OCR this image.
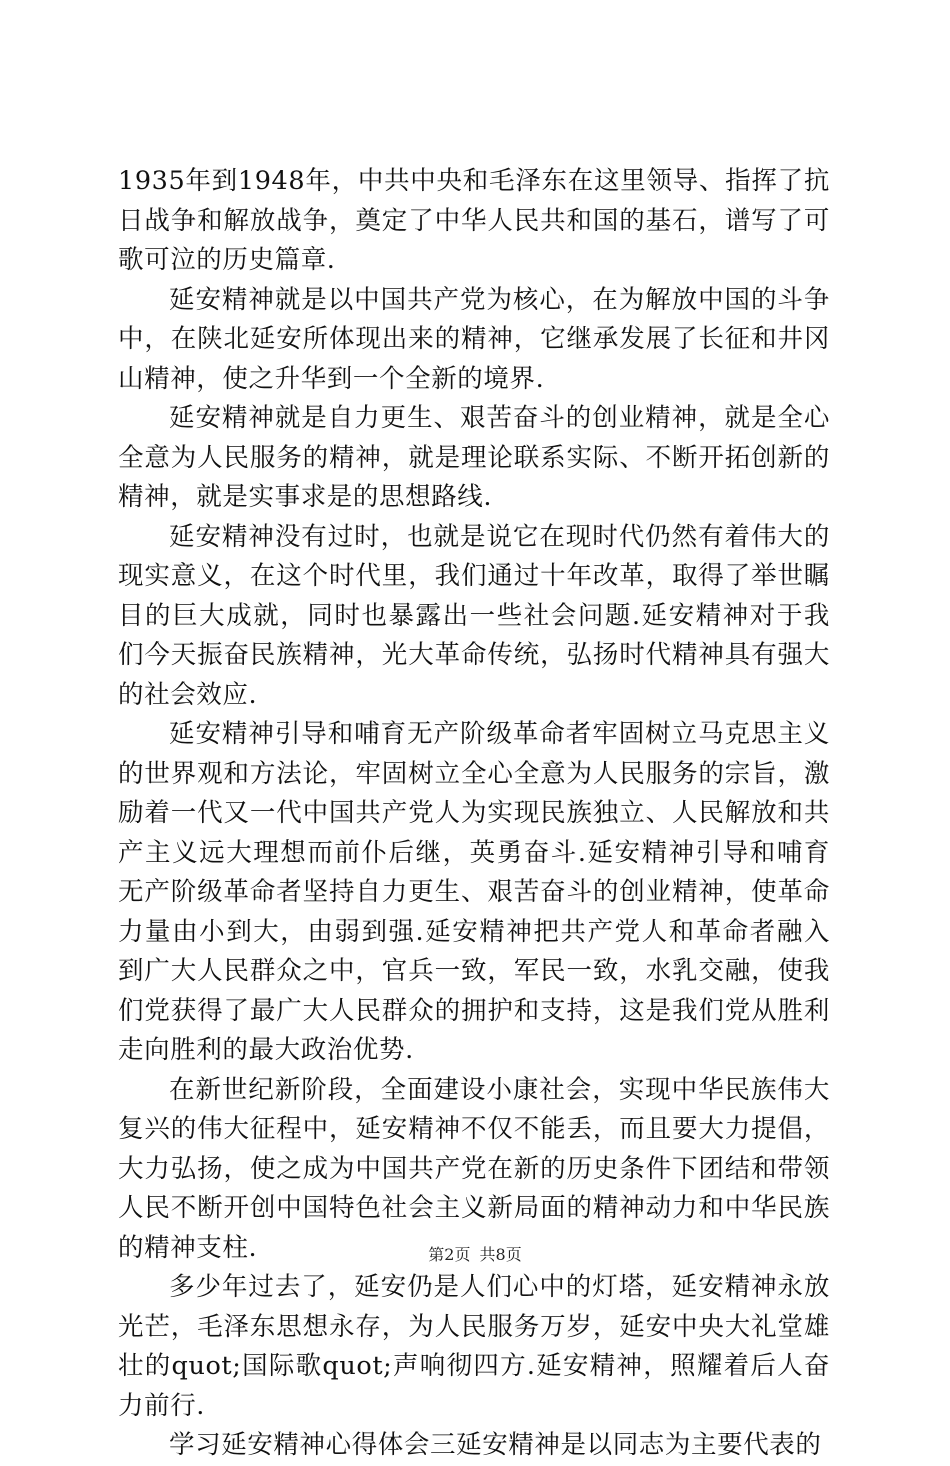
1935年到1948年，中共中央和毛泽东在这里领导、指挥了抗日战争和解放战争，奠定了中华人民共和国的基石，谱写了可歌可泣的历史篇章.

延安精神就是以中国共产党为核心，在为解放中国的斗争中，在陕北延安所体现出来的精神，它继承发展了长征和井冈山精神，使之升华到一个全新的境界.

延安精神就是自力更生、艰苦奋斗的创业精神，就是全心全意为人民服务的精神，就是理论联系实际、不断开拓创新的精神，就是实事求是的思想路线.

延安精神没有过时，也就是说它在现时代仍然有着伟大的现实意义，在这个时代里，我们通过十年改革，取得了举世瞩目的巨大成就，同时也暴露出一些社会问题.延安精神对于我们今天振奋民族精神，光大革命传统，弘扬时代精神具有强大的社会效应.

延安精神引导和哺育无产阶级革命者牢固树立马克思主义的世界观和方法论，牢固树立全心全意为人民服务的宗旨，激励着一代又一代中国共产党人为实现民族独立、人民解放和共产主义远大理想而前仆后继，英勇奋斗.延安精神引导和哺育无产阶级革命者坚持自力更生、艰苦奋斗的创业精神，使革命力量由小到大，由弱到强.延安精神把共产党人和革命者融入到广大人民群众之中，官兵一致，军民一致，水乳交融，使我们党获得了最广大人民群众的拥护和支持，这是我们党从胜利走向胜利的最大政治优势.

在新世纪新阶段，全面建设小康社会，实现中华民族伟大复兴的伟大征程中，延安精神不仅不能丢，而且要大力提倡，大力弘扬，使之成为中国共产党在新的历史条件下团结和带领人民不断开创中国特色社会主义新局面的精神动力和中华民族的精神支柱.

多少年过去了，延安仍是人们心中的灯塔，延安精神永放光芒，毛泽东思想永存，为人民服务万岁，延安中央大礼堂雄壮的quot;国际歌quot;声响彻四方.延安精神，照耀着后人奋力前行.

学习延安精神心得体会三延安精神是以同志为主要代表的

第2页 共8页
